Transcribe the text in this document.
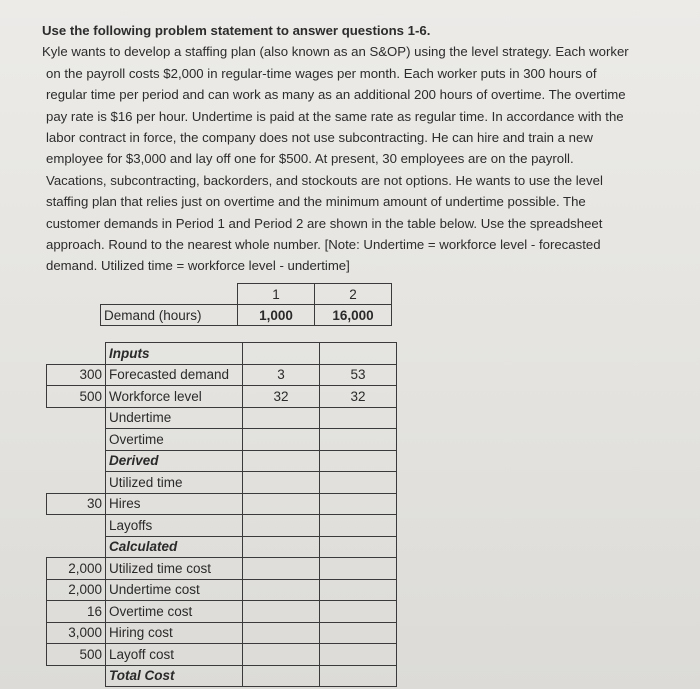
Use the following problem statement to answer questions 1-6.
Kyle wants to develop a staffing plan (also known as an S&OP) using the level strategy. Each worker
on the payroll costs $2,000 in regular-time wages per month. Each worker puts in 300 hours of
regular time per period and can work as many as an additional 200 hours of overtime. The overtime
pay rate is $16 per hour. Undertime is paid at the same rate as regular time. In accordance with the
labor contract in force, the company does not use subcontracting. He can hire and train a new
employee for $3,000 and lay off one for $500. At present, 30 employees are on the payroll.
Vacations, subcontracting, backorders, and stockouts are not options. He wants to use the level
staffing plan that relies just on overtime and the minimum amount of undertime possible. The
customer demands in Period 1 and Period 2 are shown in the table below. Use the spreadsheet
approach. Round to the nearest whole number. [Note: Undertime = workforce level - forecasted
demand. Utilized time = workforce level - undertime]
	1	2
Demand (hours)	1,000	16,000
	Inputs		
300	Forecasted demand	3	53
500	Workforce level	32	32
	Undertime		
	Overtime		
	Derived		
	Utilized time		
30	Hires		
	Layoffs		
	Calculated		
2,000	Utilized time cost		
2,000	Undertime cost		
16	Overtime cost		
3,000	Hiring cost		
500	Layoff cost		
	Total Cost		
